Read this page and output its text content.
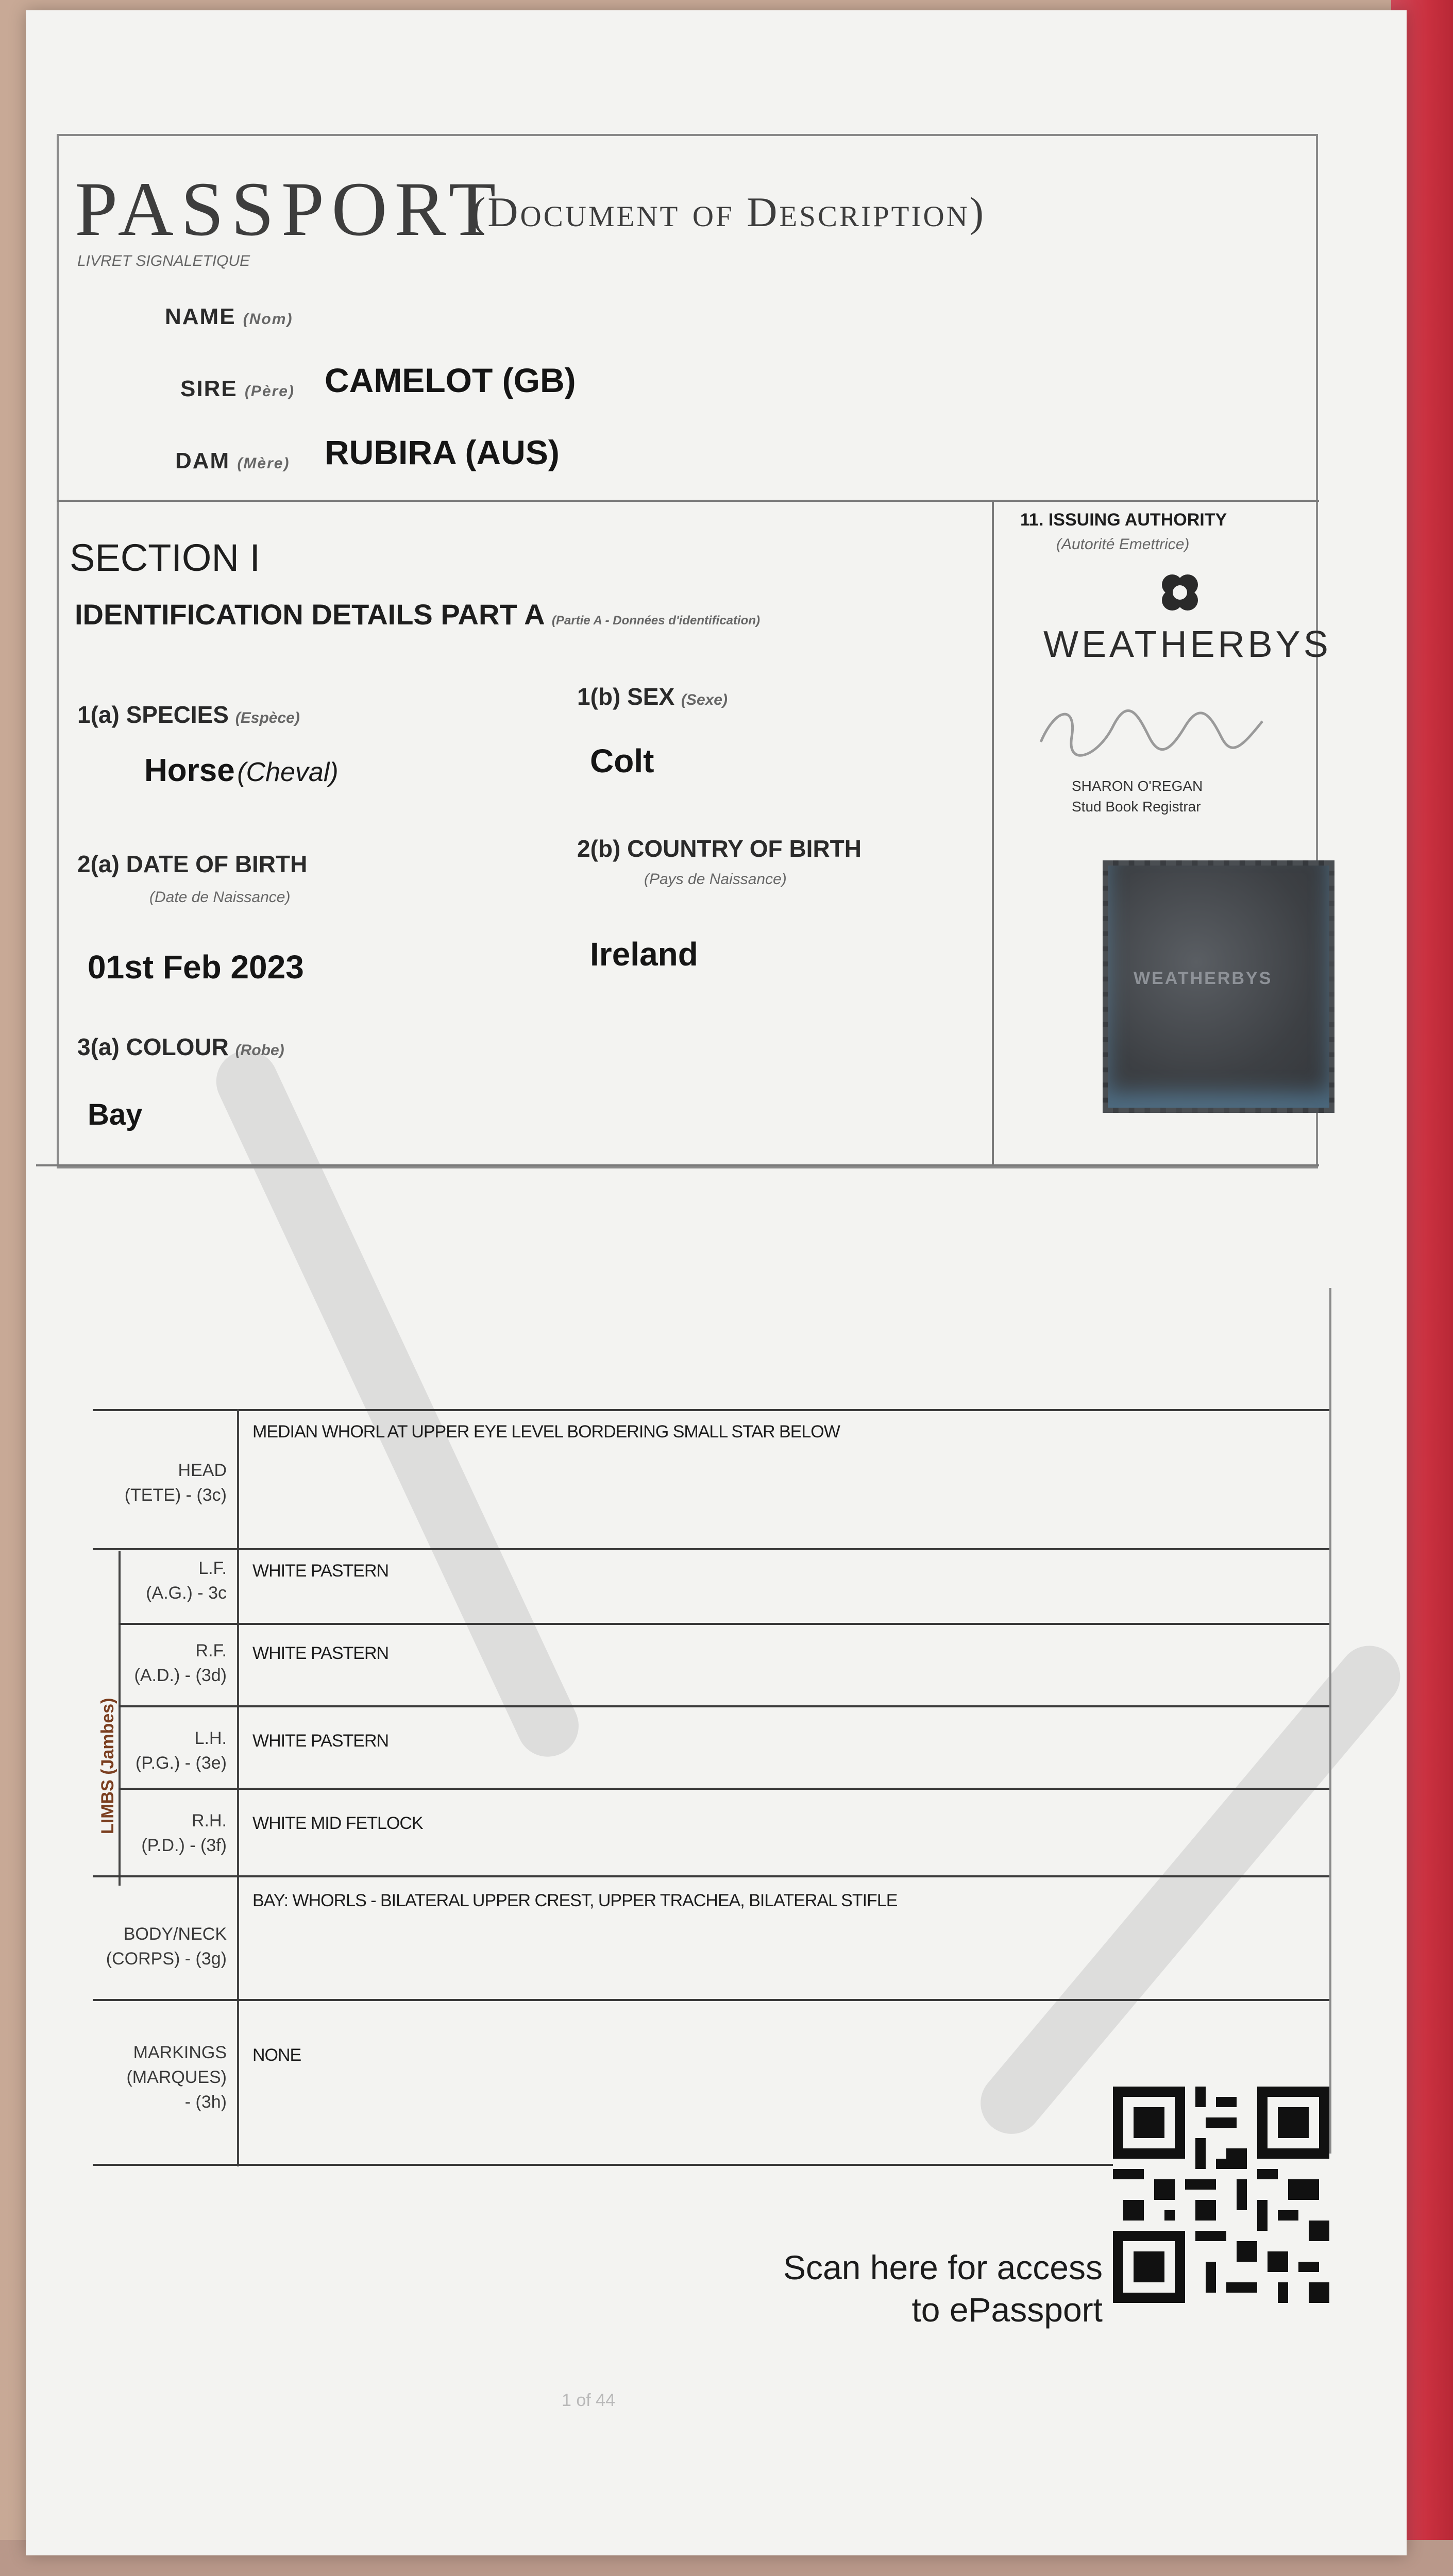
PASSPORT
(Document of Description)
LIVRET SIGNALETIQUE
NAME (Nom)
SIRE (Père) CAMELOT (GB)
DAM (Mère) RUBIRA (AUS)
SECTION I
IDENTIFICATION DETAILS PART A (Partie A - Données d'identification)
1(a) SPECIES (Espèce)
Horse (Cheval)
1(b) SEX (Sexe)
Colt
2(a) DATE OF BIRTH
(Date de Naissance)
01st Feb 2023
2(b) COUNTRY OF BIRTH
(Pays de Naissance)
Ireland
3(a) COLOUR (Robe)
Bay
11. ISSUING AUTHORITY
(Autorité Emettrice)
WEATHERBYS
SHARON O'REGAN
Stud Book Registrar
WEATHERBYS
LIMBS (Jambes)
HEAD
(TETE) - (3c)
MEDIAN WHORL AT UPPER EYE LEVEL BORDERING SMALL STAR BELOW
L.F.
(A.G.) - 3c
WHITE PASTERN
R.F.
(A.D.) - (3d)
WHITE PASTERN
L.H.
(P.G.) - (3e)
WHITE PASTERN
R.H.
(P.D.) - (3f)
WHITE MID FETLOCK
BODY/NECK
(CORPS) - (3g)
BAY: WHORLS - BILATERAL UPPER CREST, UPPER TRACHEA, BILATERAL STIFLE
MARKINGS
(MARQUES)
- (3h)
NONE
Scan here for access
to ePassport
1 of 44
